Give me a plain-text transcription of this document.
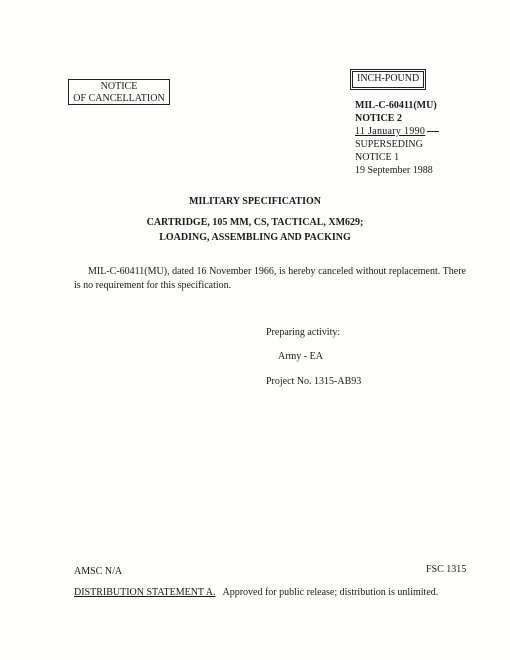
NOTICE
OF CANCELLATION
INCH-POUND
MIL-C-60411(MU)
NOTICE 2
11 January 1990
SUPERSEDING
NOTICE 1
19 September 1988
MILITARY SPECIFICATION
CARTRIDGE, 105 MM, CS, TACTICAL, XM629;
LOADING, ASSEMBLING AND PACKING
MIL-C-60411(MU), dated 16 November 1966, is hereby canceled without replacement. There is no requirement for this specification.
Preparing activity:
Army - EA
Project No. 1315-AB93
AMSC N/A	FSC 1315
DISTRIBUTION STATEMENT A. Approved for public release; distribution is unlimited.
